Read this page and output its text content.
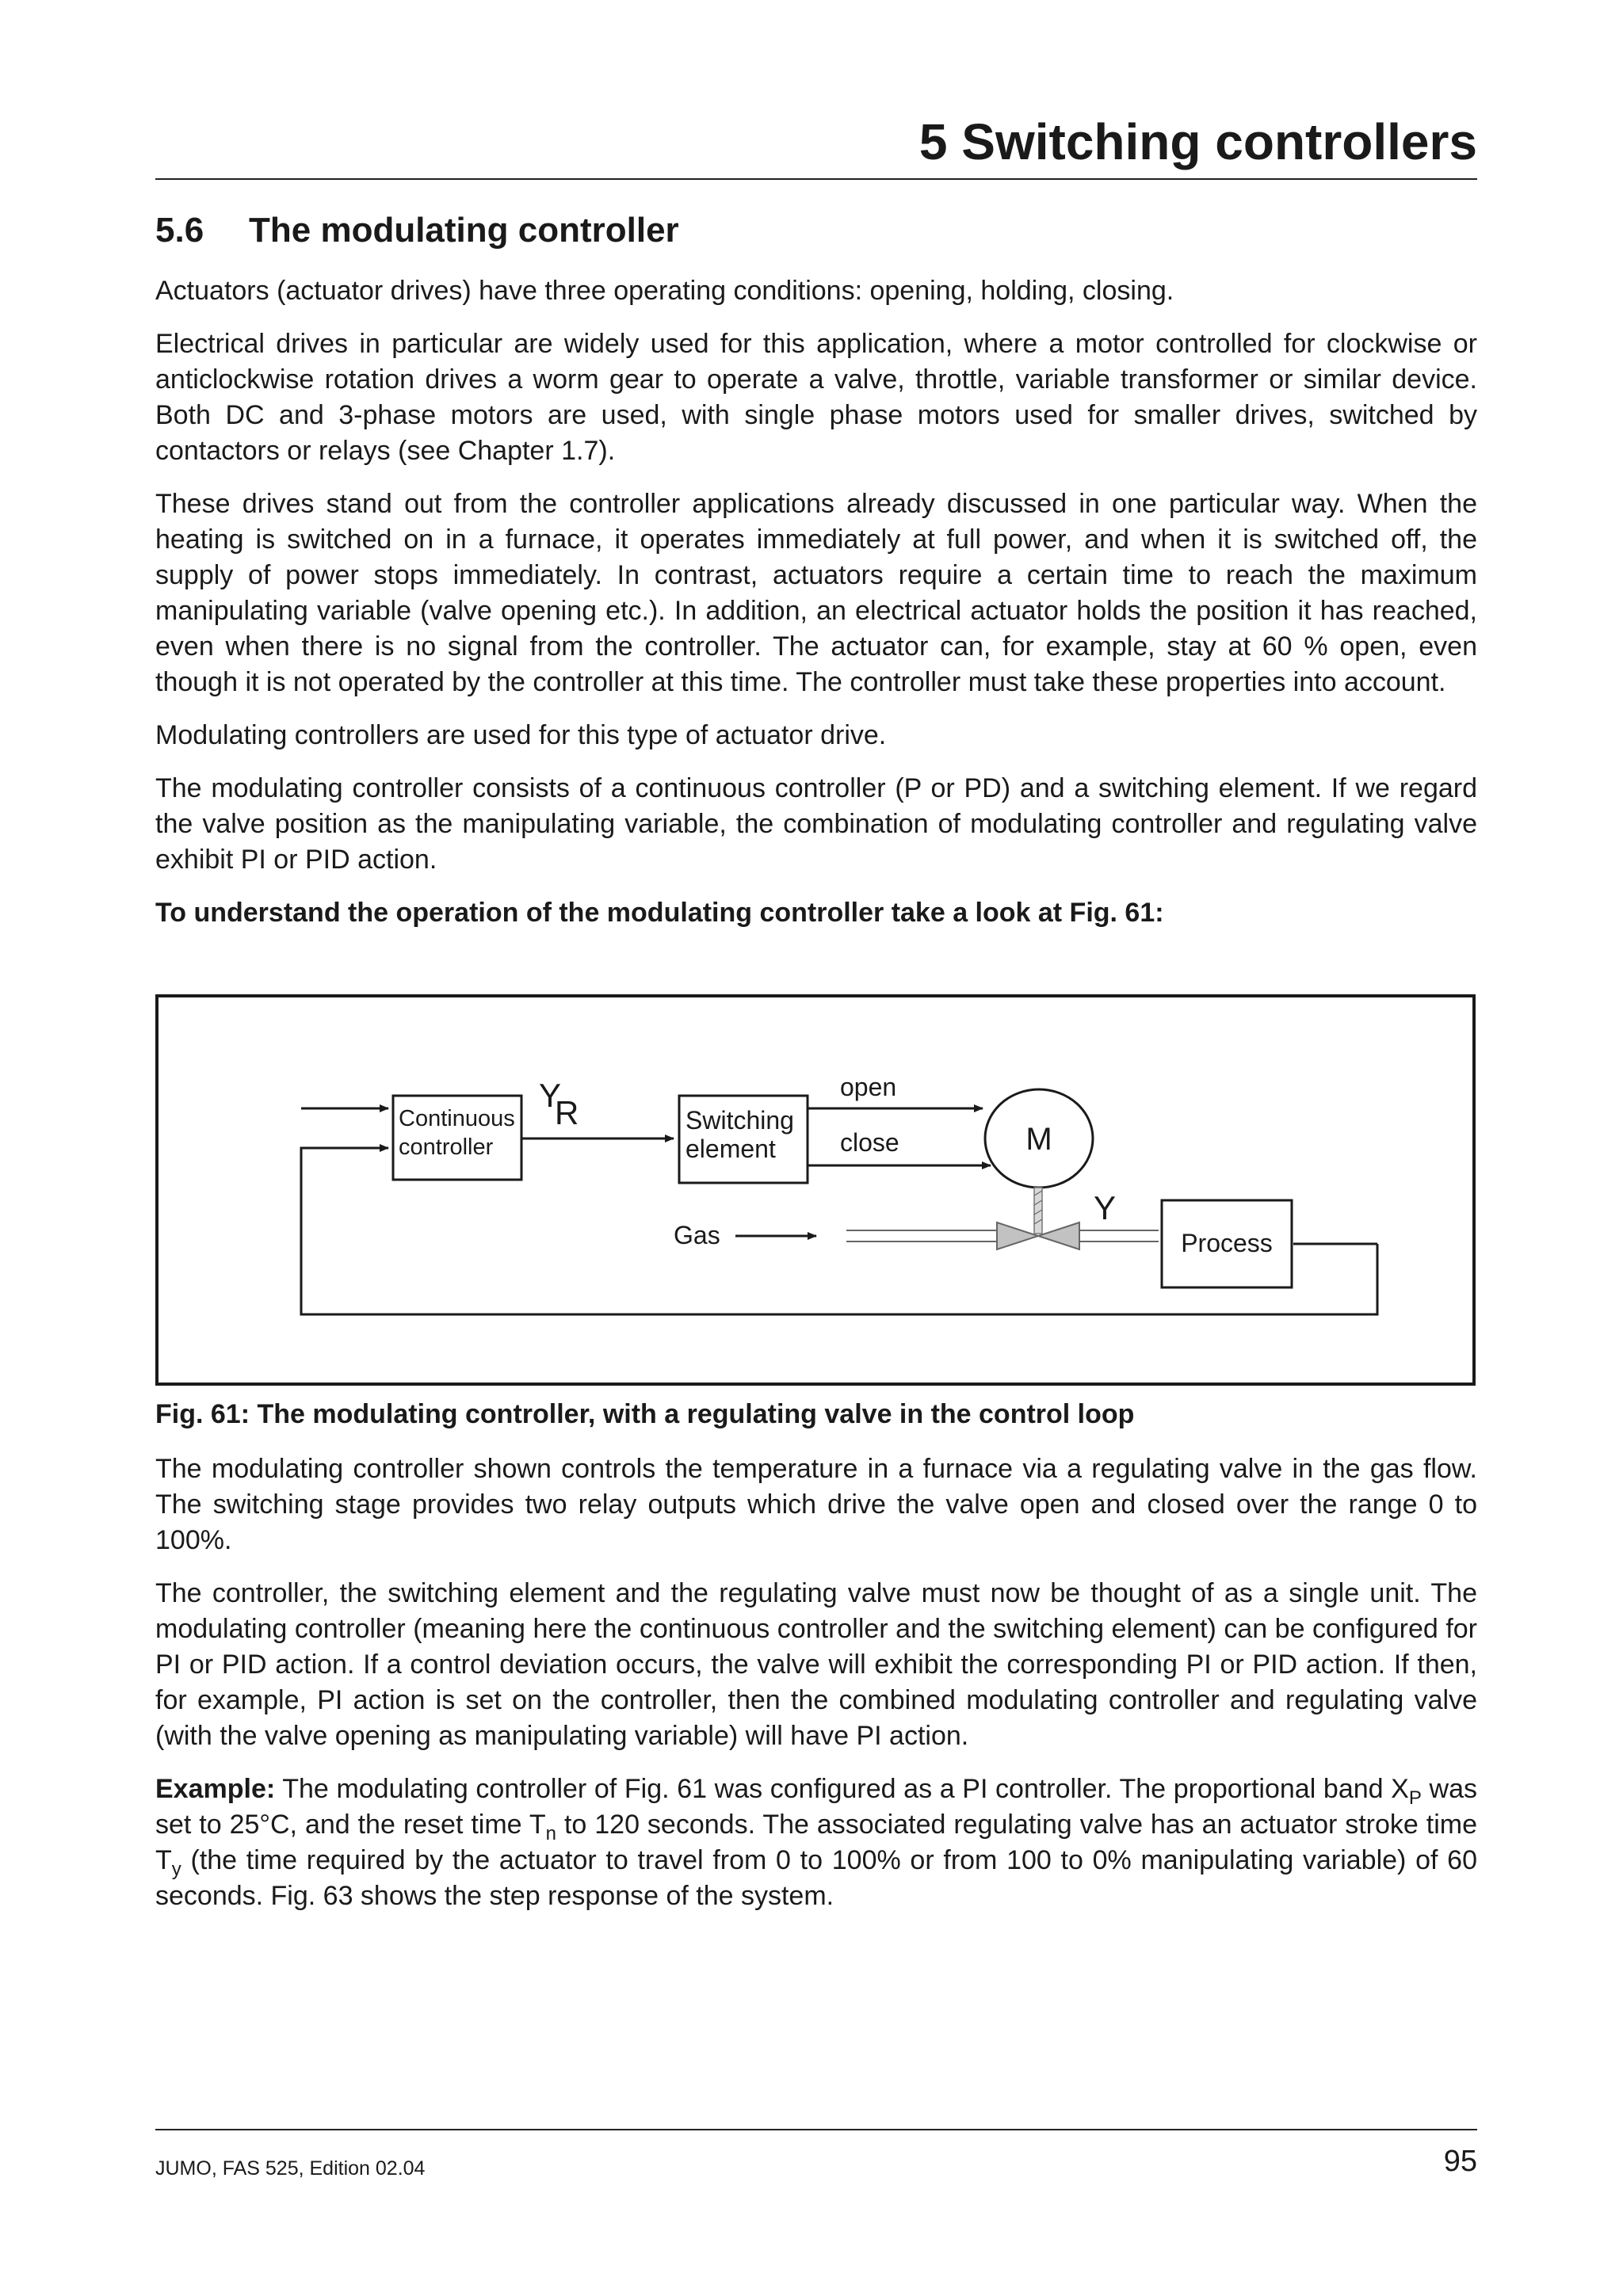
5 Switching controllers
5.6 The modulating controller

Actuators (actuator drives) have three operating conditions: opening, holding, closing.

Electrical drives in particular are widely used for this application, where a motor controlled for clockwise or anticlockwise rotation drives a worm gear to operate a valve, throttle, variable transformer or similar device. Both DC and 3-phase motors are used, with single phase motors used for smaller drives, switched by contactors or relays (see Chapter 1.7).

These drives stand out from the controller applications already discussed in one particular way. When the heating is switched on in a furnace, it operates immediately at full power, and when it is switched off, the supply of power stops immediately. In contrast, actuators require a certain time to reach the maximum manipulating variable (valve opening etc.). In addition, an electrical actuator holds the position it has reached, even when there is no signal from the controller. The actuator can, for example, stay at 60 % open, even though it is not operated by the controller at this time. The controller must take these properties into account.

Modulating controllers are used for this type of actuator drive.

The modulating controller consists of a continuous controller (P or PD) and a switching element. If we regard the valve position as the manipulating variable, the combination of modulating controller and regulating valve exhibit PI or PID action.

To understand the operation of the modulating controller take a look at Fig. 61:

Continuous
controller
Y
R	Switching
element
open
close	M
Y
Gas	Process

Fig. 61: The modulating controller, with a regulating valve in the control loop

The modulating controller shown controls the temperature in a furnace via a regulating valve in the gas flow. The switching stage provides two relay outputs which drive the valve open and closed over the range 0 to 100%.

The controller, the switching element and the regulating valve must now be thought of as a single unit. The modulating controller (meaning here the continuous controller and the switching element) can be configured for PI or PID action. If a control deviation occurs, the valve will exhibit the corresponding PI or PID action. If then, for example, PI action is set on the controller, then the combined modulating controller and regulating valve (with the valve opening as manipulating variable) will have PI action.

Example: The modulating controller of Fig. 61 was configured as a PI controller. The proportional band $X_P$ was set to 25°C, and the reset time $T_n$ to 120 seconds. The associated regulating valve has an actuator stroke time $T_y$ (the time required by the actuator to travel from 0 to 100% or from 100 to 0% manipulating variable) of 60 seconds. Fig. 63 shows the step response of the system.

JUMO, FAS 525, Edition 02.04	95
